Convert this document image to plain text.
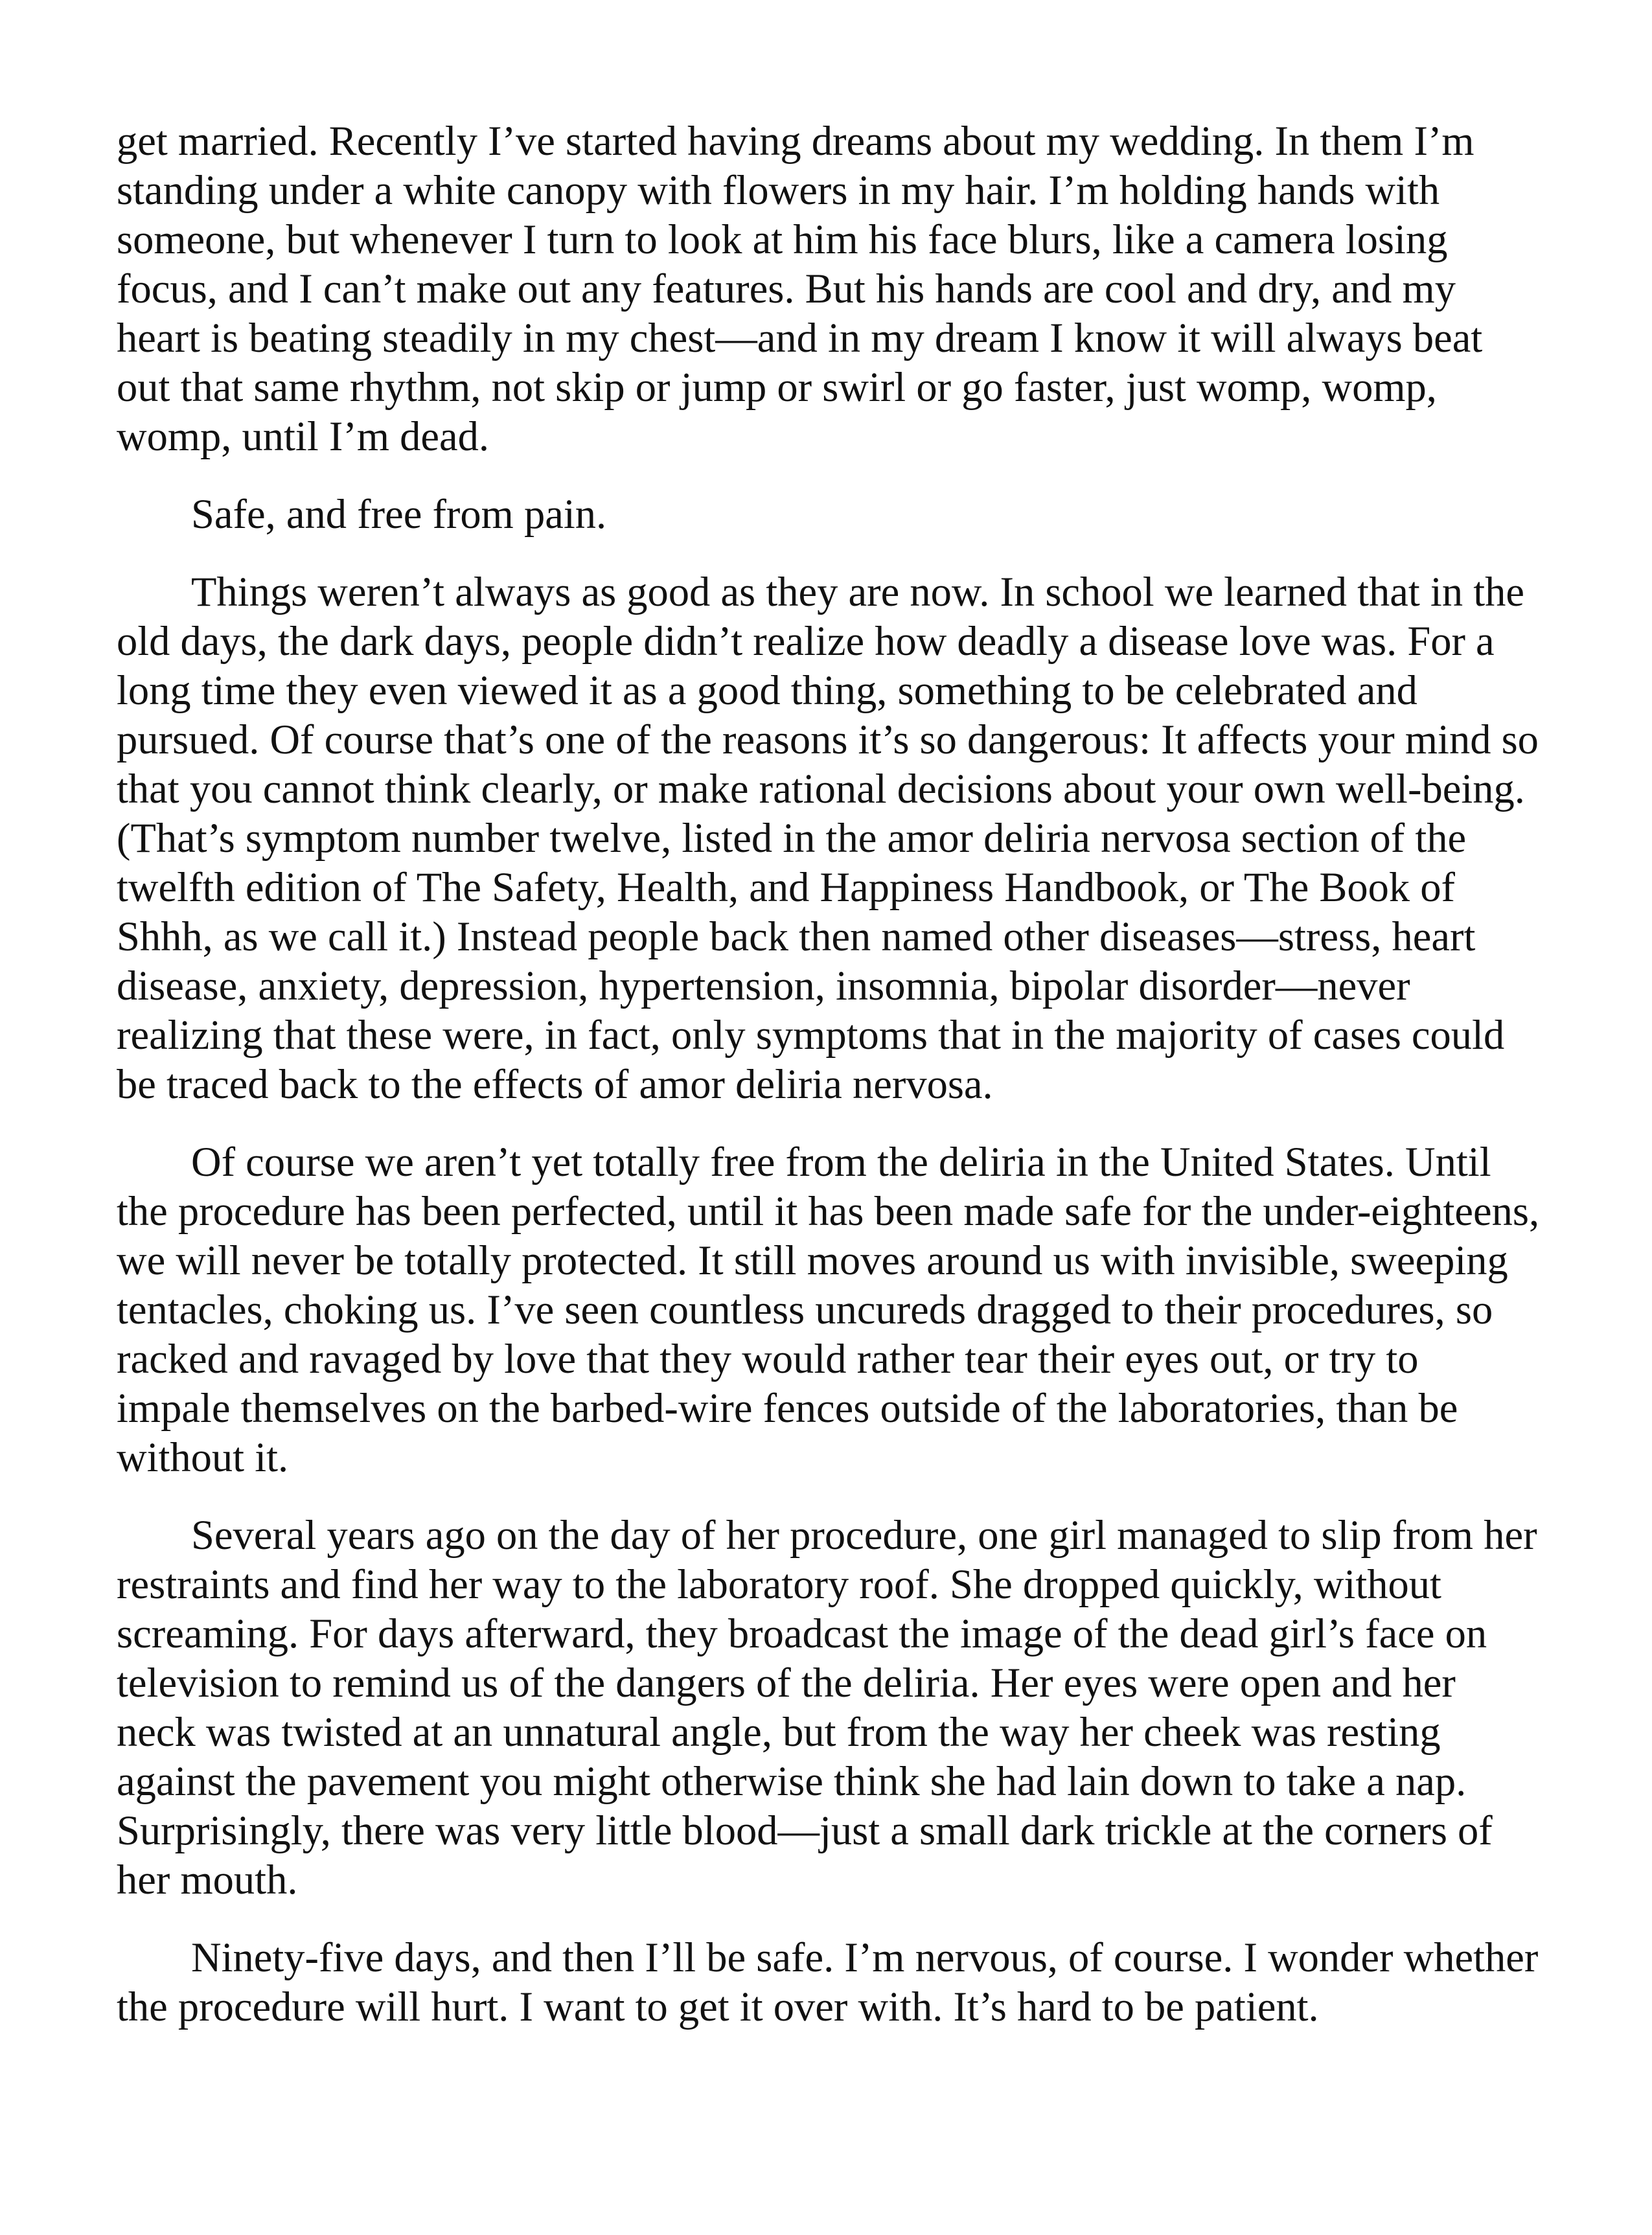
get married. Recently I’ve started having dreams about my wedding. In them I’m standing under a white canopy with flowers in my hair. I’m holding hands with someone, but whenever I turn to look at him his face blurs, like a camera losing focus, and I can’t make out any features. But his hands are cool and dry, and my heart is beating steadily in my chest—and in my dream I know it will always beat out that same rhythm, not skip or jump or swirl or go faster, just womp, womp, womp, until I’m dead.

Safe, and free from pain.

Things weren’t always as good as they are now. In school we learned that in the old days, the dark days, people didn’t realize how deadly a disease love was. For a long time they even viewed it as a good thing, something to be celebrated and pursued. Of course that’s one of the reasons it’s so dangerous: It affects your mind so that you cannot think clearly, or make rational decisions about your own well-being. (That’s symptom number twelve, listed in the amor deliria nervosa section of the twelfth edition of The Safety, Health, and Happiness Handbook, or The Book of Shhh, as we call it.) Instead people back then named other diseases—stress, heart disease, anxiety, depression, hypertension, insomnia, bipolar disorder—never realizing that these were, in fact, only symptoms that in the majority of cases could be traced back to the effects of amor deliria nervosa.

Of course we aren’t yet totally free from the deliria in the United States. Until the procedure has been perfected, until it has been made safe for the under-eighteens, we will never be totally protected. It still moves around us with invisible, sweeping tentacles, choking us. I’ve seen countless uncureds dragged to their procedures, so racked and ravaged by love that they would rather tear their eyes out, or try to impale themselves on the barbed-wire fences outside of the laboratories, than be without it.

Several years ago on the day of her procedure, one girl managed to slip from her restraints and find her way to the laboratory roof. She dropped quickly, without screaming. For days afterward, they broadcast the image of the dead girl’s face on television to remind us of the dangers of the deliria. Her eyes were open and her neck was twisted at an unnatural angle, but from the way her cheek was resting against the pavement you might otherwise think she had lain down to take a nap. Surprisingly, there was very little blood—just a small dark trickle at the corners of her mouth.

Ninety-five days, and then I’ll be safe. I’m nervous, of course. I wonder whether the procedure will hurt. I want to get it over with. It’s hard to be patient.
